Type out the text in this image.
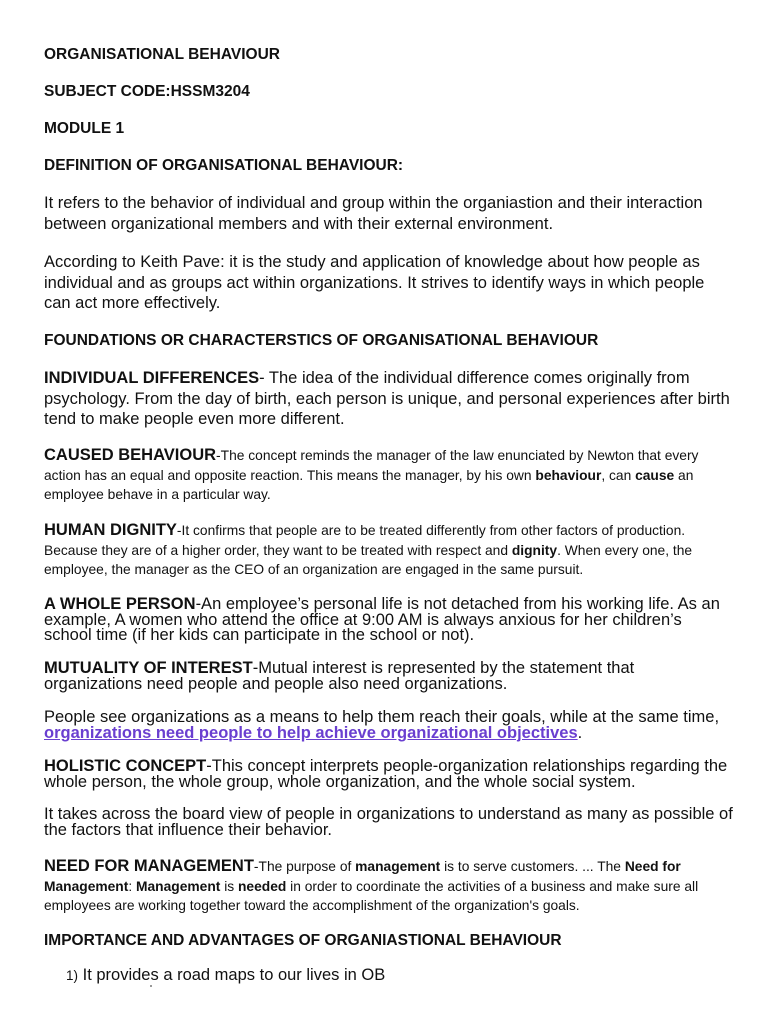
ORGANISATIONAL BEHAVIOUR
SUBJECT CODE:HSSM3204
MODULE 1
DEFINITION OF ORGANISATIONAL BEHAVIOUR:
It refers to the behavior of individual and group within the organiastion and their interaction between organizational members and with their external environment.
According to Keith Pave: it is the study and application of knowledge about how people as individual and as groups act within organizations. It strives to identify ways in which people can act more effectively.
FOUNDATIONS OR CHARACTERSTICS OF ORGANISATIONAL BEHAVIOUR
INDIVIDUAL DIFFERENCES- The idea of the individual difference comes originally from psychology. From the day of birth, each person is unique, and personal experiences after birth tend to make people even more different.
CAUSED BEHAVIOUR-The concept reminds the manager of the law enunciated by Newton that every action has an equal and opposite reaction. This means the manager, by his own behaviour, can cause an employee behave in a particular way.
HUMAN DIGNITY-It confirms that people are to be treated differently from other factors of production. Because they are of a higher order, they want to be treated with respect and dignity. When every one, the employee, the manager as the CEO of an organization are engaged in the same pursuit.
A WHOLE PERSON-An employee’s personal life is not detached from his working life. As an example, A women who attend the office at 9:00 AM is always anxious for her children’s school time (if her kids can participate in the school or not).
MUTUALITY OF INTEREST-Mutual interest is represented by the statement that organizations need people and people also need organizations.
People see organizations as a means to help them reach their goals, while at the same time, organizations need people to help achieve organizational objectives.
HOLISTIC CONCEPT-This concept interprets people-organization relationships regarding the whole person, the whole group, whole organization, and the whole social system.
It takes across the board view of people in organizations to understand as many as possible of the factors that influence their behavior.
NEED FOR MANAGEMENT-The purpose of management is to serve customers. ... The Need for Management: Management is needed in order to coordinate the activities of a business and make sure all employees are working together toward the accomplishment of the organization's goals.
IMPORTANCE AND ADVANTAGES OF ORGANIASTIONAL BEHAVIOUR
1) It provides a road maps to our lives in OB
